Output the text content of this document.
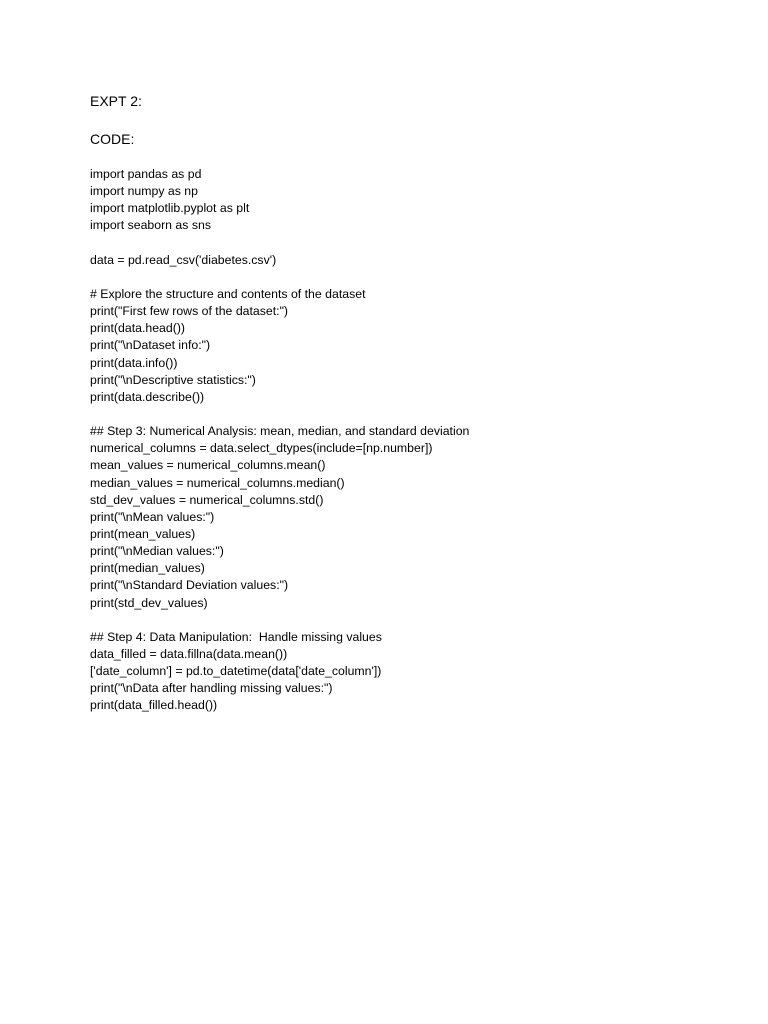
EXPT 2:
CODE:
import pandas as pd
import numpy as np
import matplotlib.pyplot as plt
import seaborn as sns
data = pd.read_csv('diabetes.csv')
# Explore the structure and contents of the dataset
print("First few rows of the dataset:")
print(data.head())
print("\nDataset info:")
print(data.info())
print("\nDescriptive statistics:")
print(data.describe())
## Step 3: Numerical Analysis: mean, median, and standard deviation
numerical_columns = data.select_dtypes(include=[np.number])
mean_values = numerical_columns.mean()
median_values = numerical_columns.median()
std_dev_values = numerical_columns.std()
print("\nMean values:")
print(mean_values)
print("\nMedian values:")
print(median_values)
print("\nStandard Deviation values:")
print(std_dev_values)
## Step 4: Data Manipulation:  Handle missing values
data_filled = data.fillna(data.mean())
['date_column'] = pd.to_datetime(data['date_column'])
print("\nData after handling missing values:")
print(data_filled.head())
